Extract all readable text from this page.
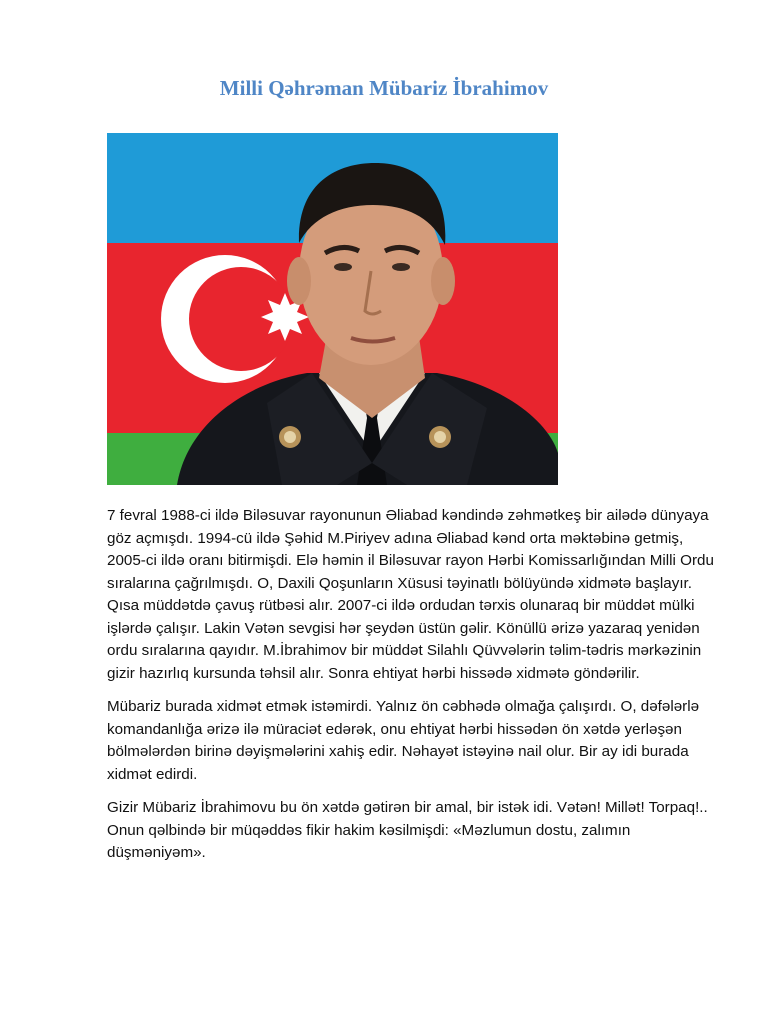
Milli Qəhrəman Mübariz İbrahimov

7 fevral 1988-ci ildə Biləsuvar rayonunun Əliabad kəndində zəhmətkeş bir ailədə dünyaya göz açmışdı. 1994-cü ildə Şəhid M.Piriyev adına Əliabad kənd orta məktəbinə getmiş, 2005-ci ildə oranı bitirmişdi. Elə həmin il Biləsuvar rayon Hərbi Komissarlığından Milli Ordu sıralarına çağrılmışdı. O, Daxili Qoşunların Xüsusi təyinatlı bölüyündə xidmətə başlayır. Qısa müddətdə çavuş rütbəsi alır. 2007-ci ildə ordudan tərxis olunaraq bir müddət mülki işlərdə çalışır. Lakin Vətən sevgisi hər şeydən üstün gəlir. Könüllü ərizə yazaraq yenidən ordu sıralarına qayıdır. M.İbrahimov bir müddət Silahlı Qüvvələrin təlim-tədris mərkəzinin gizir hazırlıq kursunda təhsil alır. Sonra ehtiyat hərbi hissədə xidmətə göndərilir.

Mübariz burada xidmət etmək istəmirdi. Yalnız ön cəbhədə olmağa çalışırdı. O, dəfələrlə komandanlığa ərizə ilə müraciət edərək, onu ehtiyat hərbi hissədən ön xətdə yerləşən bölmələrdən birinə dəyişmələrini xahiş edir. Nəhayət istəyinə nail olur. Bir ay idi burada xidmət edirdi.

Gizir Mübariz İbrahimovu bu ön xətdə gətirən bir amal, bir istək idi. Vətən! Millət! Torpaq!.. Onun qəlbində bir müqəddəs fikir hakim kəsilmişdi: «Məzlumun dostu, zalımın düşməniyəm».
